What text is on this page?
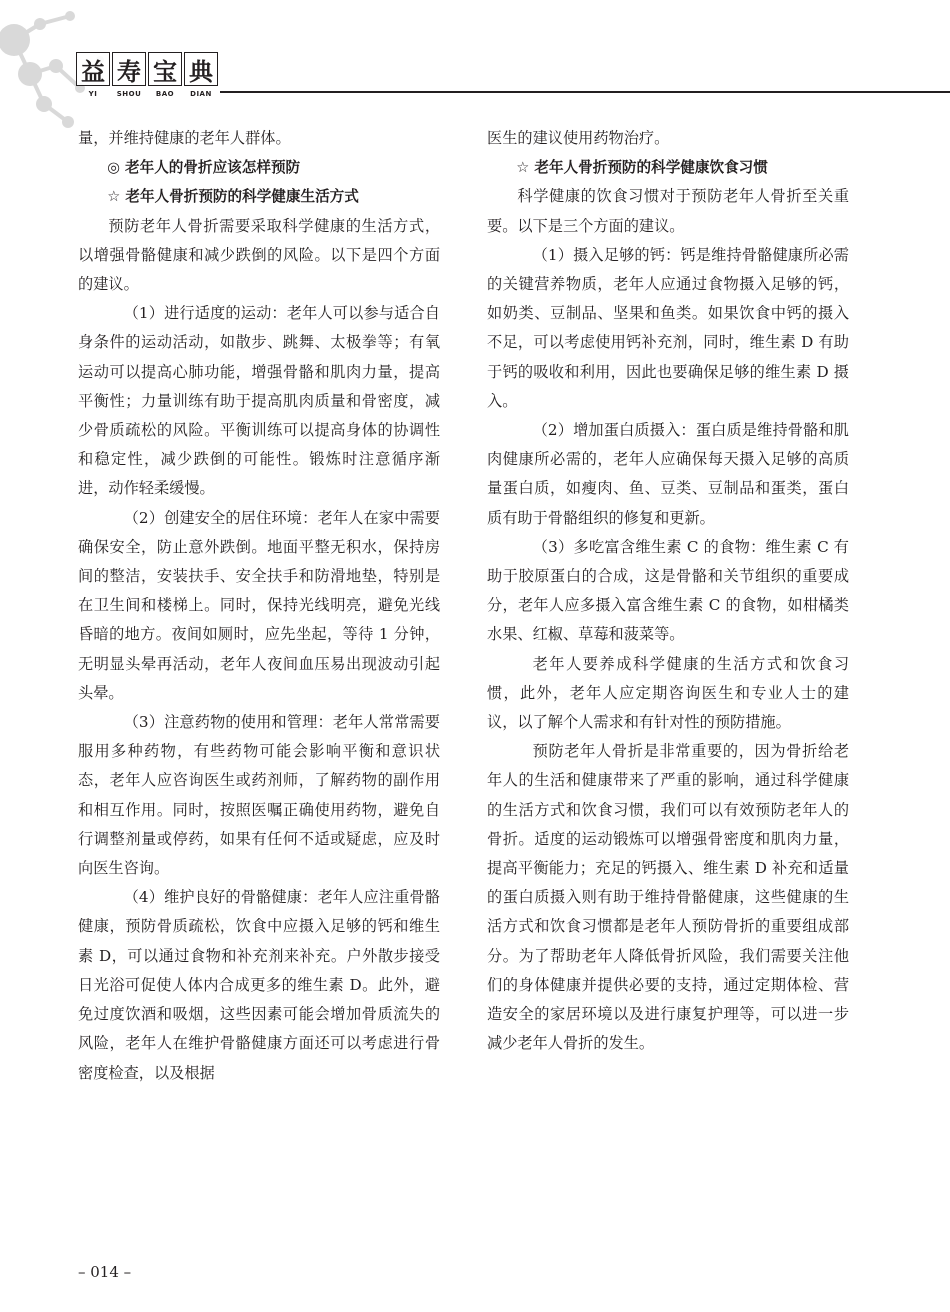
益 寿 宝 典
YI	SHOU	BAO	DIAN

量，并维持健康的老年人群体。

◎ 老年人的骨折应该怎样预防

☆ 老年人骨折预防的科学健康生活方式

预防老年人骨折需要采取科学健康的生活方式，以增强骨骼健康和减少跌倒的风险。以下是四个方面的建议。

（1）进行适度的运动：老年人可以参与适合自身条件的运动活动，如散步、跳舞、太极拳等；有氧运动可以提高心肺功能，增强骨骼和肌肉力量，提高平衡性；力量训练有助于提高肌肉质量和骨密度，减少骨质疏松的风险。平衡训练可以提高身体的协调性和稳定性，减少跌倒的可能性。锻炼时注意循序渐进，动作轻柔缓慢。

（2）创建安全的居住环境：老年人在家中需要确保安全，防止意外跌倒。地面平整无积水，保持房间的整洁，安装扶手、安全扶手和防滑地垫，特别是在卫生间和楼梯上。同时，保持光线明亮，避免光线昏暗的地方。夜间如厕时，应先坐起，等待 1 分钟，无明显头晕再活动，老年人夜间血压易出现波动引起头晕。

（3）注意药物的使用和管理：老年人常常需要服用多种药物，有些药物可能会影响平衡和意识状态，老年人应咨询医生或药剂师，了解药物的副作用和相互作用。同时，按照医嘱正确使用药物，避免自行调整剂量或停药，如果有任何不适或疑虑，应及时向医生咨询。

（4）维护良好的骨骼健康：老年人应注重骨骼健康，预防骨质疏松，饮食中应摄入足够的钙和维生素 D，可以通过食物和补充剂来补充。户外散步接受日光浴可促使人体内合成更多的维生素 D。此外，避免过度饮酒和吸烟，这些因素可能会增加骨质流失的风险，老年人在维护骨骼健康方面还可以考虑进行骨密度检查，以及根据

医生的建议使用药物治疗。

☆ 老年人骨折预防的科学健康饮食习惯

科学健康的饮食习惯对于预防老年人骨折至关重要。以下是三个方面的建议。

（1）摄入足够的钙：钙是维持骨骼健康所必需的关键营养物质，老年人应通过食物摄入足够的钙，如奶类、豆制品、坚果和鱼类。如果饮食中钙的摄入不足，可以考虑使用钙补充剂，同时，维生素 D 有助于钙的吸收和利用，因此也要确保足够的维生素 D 摄入。

（2）增加蛋白质摄入：蛋白质是维持骨骼和肌肉健康所必需的，老年人应确保每天摄入足够的高质量蛋白质，如瘦肉、鱼、豆类、豆制品和蛋类，蛋白质有助于骨骼组织的修复和更新。

（3）多吃富含维生素 C 的食物：维生素 C 有助于胶原蛋白的合成，这是骨骼和关节组织的重要成分，老年人应多摄入富含维生素 C 的食物，如柑橘类水果、红椒、草莓和菠菜等。

老年人要养成科学健康的生活方式和饮食习惯，此外，老年人应定期咨询医生和专业人士的建议，以了解个人需求和有针对性的预防措施。

预防老年人骨折是非常重要的，因为骨折给老年人的生活和健康带来了严重的影响，通过科学健康的生活方式和饮食习惯，我们可以有效预防老年人的骨折。适度的运动锻炼可以增强骨密度和肌肉力量，提高平衡能力；充足的钙摄入、维生素 D 补充和适量的蛋白质摄入则有助于维持骨骼健康，这些健康的生活方式和饮食习惯都是老年人预防骨折的重要组成部分。为了帮助老年人降低骨折风险，我们需要关注他们的身体健康并提供必要的支持，通过定期体检、营造安全的家居环境以及进行康复护理等，可以进一步减少老年人骨折的发生。

– 014 –
